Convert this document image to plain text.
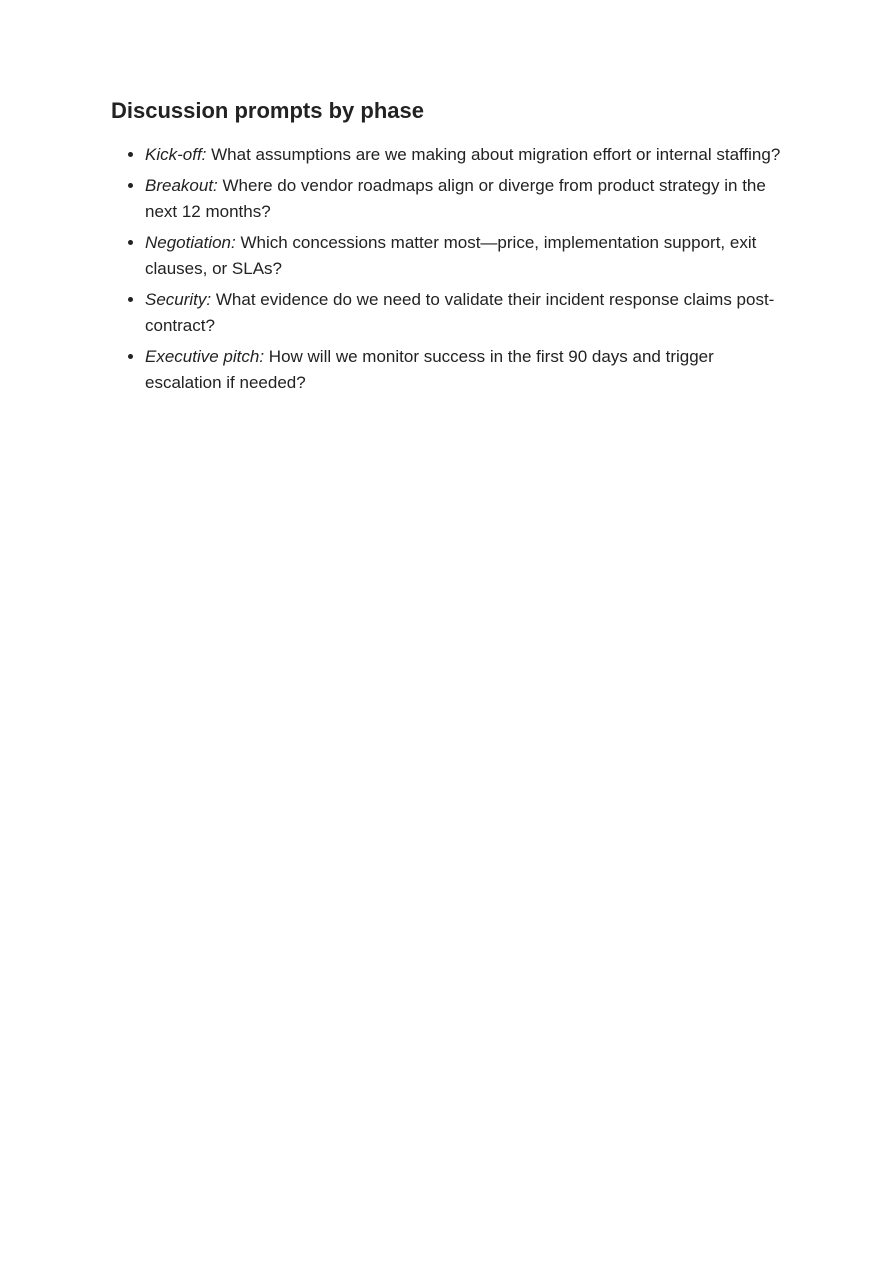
Discussion prompts by phase
• Kick-off: What assumptions are we making about migration effort or internal staffing?
• Breakout: Where do vendor roadmaps align or diverge from product strategy in the next 12 months?
• Negotiation: Which concessions matter most—price, implementation support, exit clauses, or SLAs?
• Security: What evidence do we need to validate their incident response claims post-contract?
• Executive pitch: How will we monitor success in the first 90 days and trigger escalation if needed?
